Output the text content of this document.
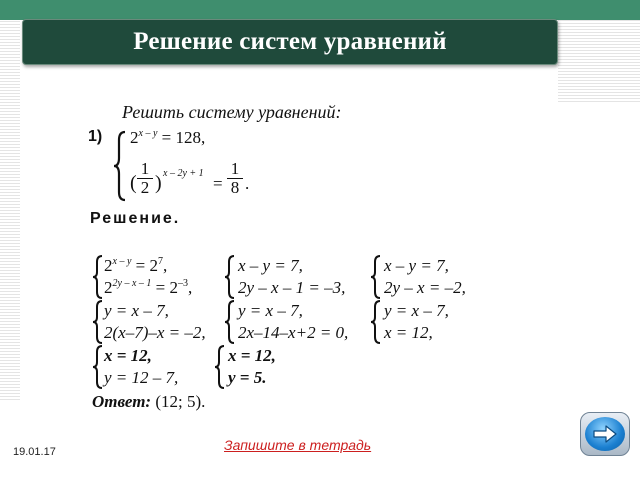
Решение систем уравнений
Решить систему уравнений:
1) $2^{x - y} = 128$,
( $\frac{1}{2}$ ) x – 2y + 1
= $\frac{1}{8}$ .
Решение.
$2^{x - y} = 2^7$,
$2^{2y - x - 1} = 2^{-3}$,
x – y = 7,
2y – x – 1 = –3,
x – y = 7,
2y – x = –2,
y = x – 7,
2(x–7)–x = –2,
y = x – 7,
2x–14–x+2 = 0,
y = x – 7,
x = 12,
x = 12,
y = 12 – 7,
x = 12,
y = 5.
Ответ: (12; 5).
19.01.17	Запишите в тетрадь
